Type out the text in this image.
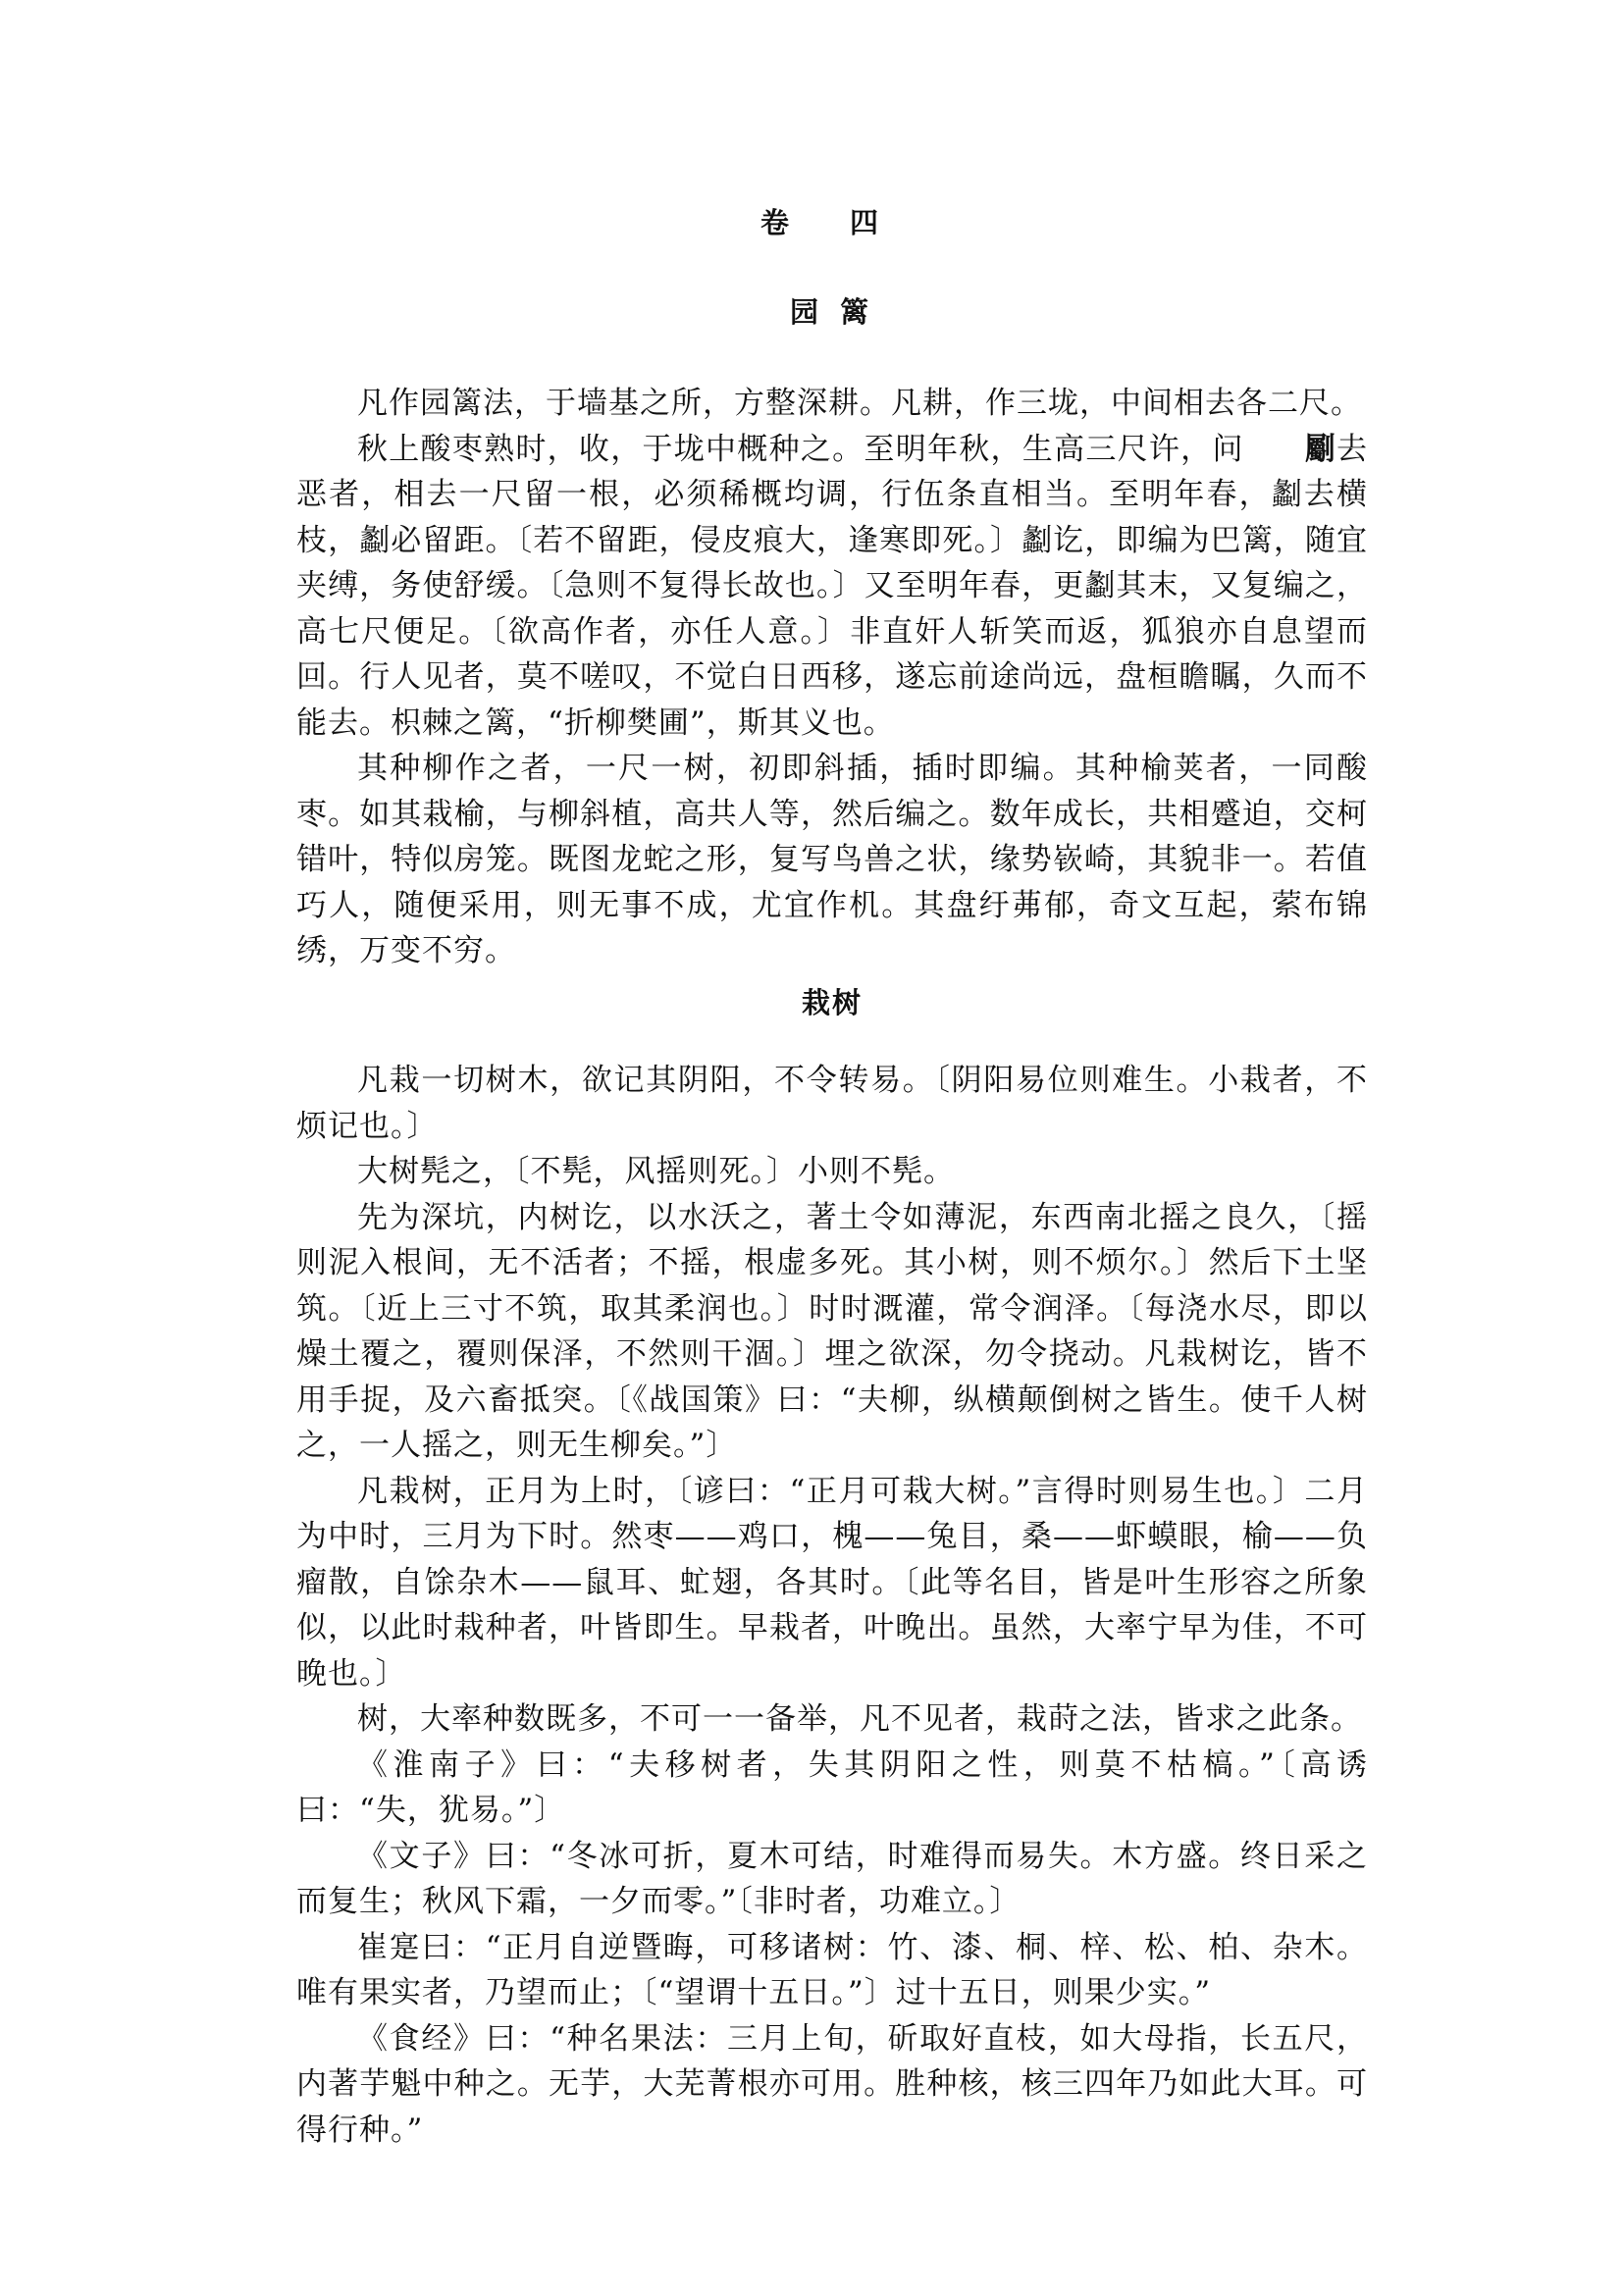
卷 四
园 篱

凡作园篱法，于墙基之所，方整深耕。凡耕，作三垅，中间相去各二尺。

秋上酸枣熟时，收，于垅中概种之。至明年秋，生高三尺许，问 劚去恶者，相去一尺留一根，必须稀概均调，行伍条直相当。至明年春，劙去横枝，劙必留距。〔若不留距，侵皮痕大，逢寒即死。〕劙讫，即编为巴篱，随宜夹缚，务使舒缓。〔急则不复得长故也。〕又至明年春，更劙其末，又复编之，高七尺便足。〔欲高作者，亦任人意。〕非直奸人斩笑而返，狐狼亦自息望而回。行人见者，莫不嗟叹，不觉白日西移，遂忘前途尚远，盘桓瞻瞩，久而不能去。枳棘之篱，“折柳樊圃”，斯其义也。

其种柳作之者，一尺一树，初即斜插，插时即编。其种榆荚者，一同酸枣。如其栽榆，与柳斜植，高共人等，然后编之。数年成长，共相蹙迫，交柯错叶，特似房笼。既图龙蛇之形，复写鸟兽之状，缘势嵚崎，其貌非一。若值巧人，随便采用，则无事不成，尤宜作机。其盘纡茀郁，奇文互起，萦布锦绣，万变不穷。

栽树

凡栽一切树木，欲记其阴阳，不令转易。〔阴阳易位则难生。小栽者，不烦记也。〕

大树髡之，〔不髡，风摇则死。〕小则不髡。

先为深坑，内树讫，以水沃之，著土令如薄泥，东西南北摇之良久，〔摇则泥入根间，无不活者；不摇，根虚多死。其小树，则不烦尔。〕然后下土坚筑。〔近上三寸不筑，取其柔润也。〕时时溉灌，常令润泽。〔每浇水尽，即以燥土覆之，覆则保泽，不然则干涸。〕埋之欲深，勿令挠动。凡栽树讫，皆不用手捉，及六畜抵突。〔《战国策》曰：“夫柳，纵横颠倒树之皆生。使千人树之，一人摇之，则无生柳矣。”〕

凡栽树，正月为上时，〔谚曰：“正月可栽大树。”言得时则易生也。〕二月为中时，三月为下时。然枣——鸡口，槐——兔目，桑——虾蟆眼，榆——负瘤散，自馀杂木——鼠耳、虻翅，各其时。〔此等名目，皆是叶生形容之所象似，以此时栽种者，叶皆即生。早栽者，叶晚出。虽然，大率宁早为佳，不可晚也。〕

树，大率种数既多，不可一一备举，凡不见者，栽莳之法，皆求之此条。

《淮南子》曰：“夫移树者，失其阴阳之性，则莫不枯槁。”〔高诱曰：“失，犹易。”〕

《文子》曰：“冬冰可折，夏木可结，时难得而易失。木方盛。终日采之而复生；秋风下霜，一夕而零。”〔非时者，功难立。〕

崔寔曰：“正月自逆暨晦，可移诸树：竹、漆、桐、梓、松、柏、杂木。唯有果实者，乃望而止；〔“望谓十五日。”〕过十五日，则果少实。”

《食经》曰：“种名果法：三月上旬，斫取好直枝，如大母指，长五尺，内著芋魁中种之。无芋，大芜菁根亦可用。胜种核，核三四年乃如此大耳。可得行种。”
